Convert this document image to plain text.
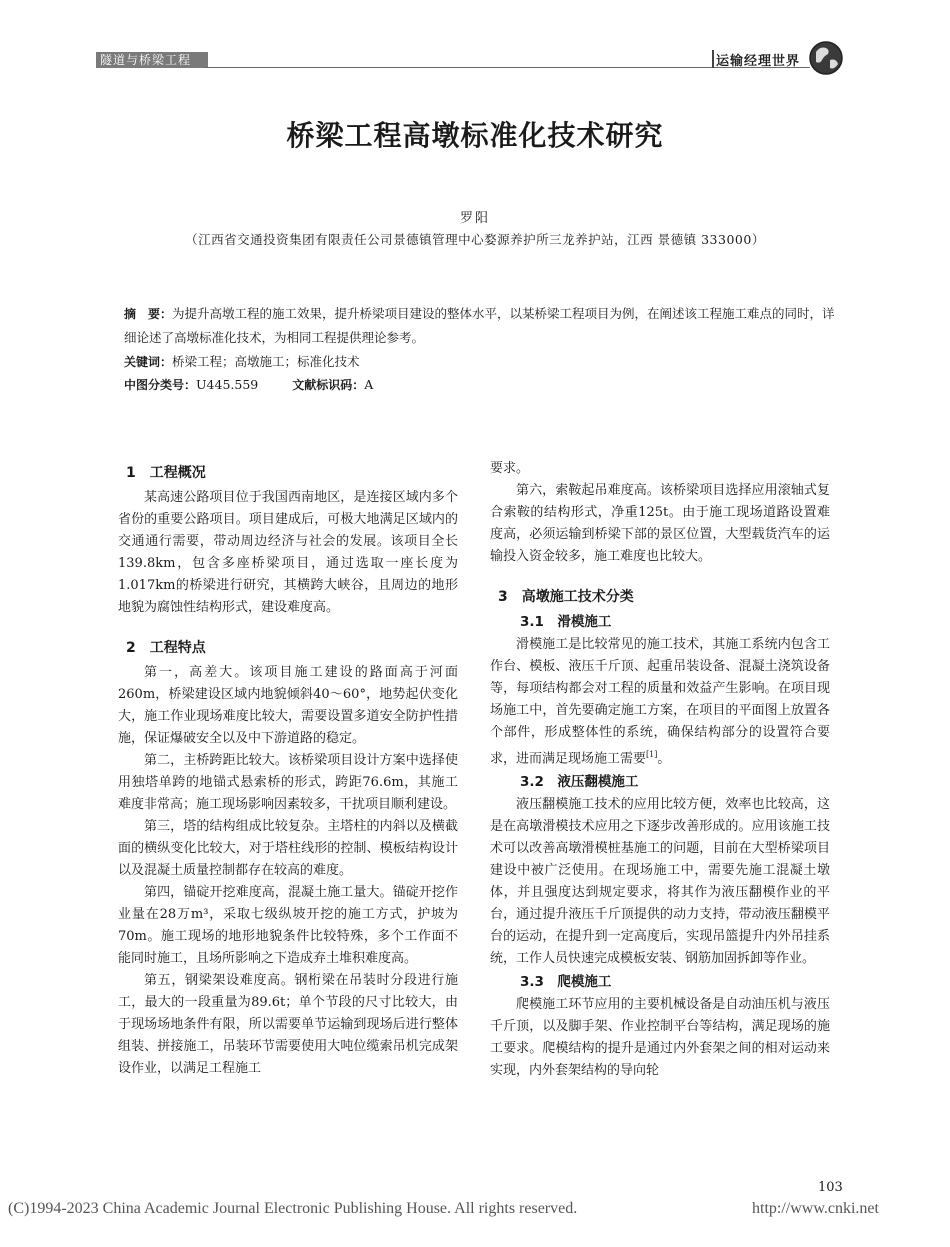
隧道与桥梁工程	运输经理世界
桥梁工程高墩标准化技术研究
罗阳
（江西省交通投资集团有限责任公司景德镇管理中心婺源养护所三龙养护站，江西 景德镇 333000）
摘　要：为提升高墩工程的施工效果，提升桥梁项目建设的整体水平，以某桥梁工程项目为例，在阐述该工程施工难点的同时，详细论述了高墩标准化技术，为相同工程提供理论参考。
关键词：桥梁工程；高墩施工；标准化技术
中图分类号：U445.559	文献标识码：A
1　工程概况

某高速公路项目位于我国西南地区，是连接区域内多个省份的重要公路项目。项目建成后，可极大地满足区域内的交通通行需要，带动周边经济与社会的发展。该项目全长139.8km，包含多座桥梁项目，通过选取一座长度为1.017km的桥梁进行研究，其横跨大峡谷，且周边的地形地貌为腐蚀性结构形式，建设难度高。

2　工程特点

第一，高差大。该项目施工建设的路面高于河面260m，桥梁建设区域内地貌倾斜40～60°，地势起伏变化大，施工作业现场难度比较大，需要设置多道安全防护性措施，保证爆破安全以及中下游道路的稳定。

第二，主桥跨距比较大。该桥梁项目设计方案中选择使用独塔单跨的地锚式悬索桥的形式，跨距76.6m，其施工难度非常高；施工现场影响因素较多，干扰项目顺利建设。

第三，塔的结构组成比较复杂。主塔柱的内斜以及横截面的横纵变化比较大，对于塔柱线形的控制、模板结构设计以及混凝土质量控制都存在较高的难度。

第四，锚碇开挖难度高，混凝土施工量大。锚碇开挖作业量在28万m³，采取七级纵坡开挖的施工方式，护坡为70m。施工现场的地形地貌条件比较特殊，多个工作面不能同时施工，且场所影响之下造成弃土堆积难度高。

第五，钢梁架设难度高。钢桁梁在吊装时分段进行施工，最大的一段重量为89.6t；单个节段的尺寸比较大，由于现场场地条件有限，所以需要单节运输到现场后进行整体组装、拼接施工，吊装环节需要使用大吨位缆索吊机完成架设作业，以满足工程施工

要求。

第六，索鞍起吊难度高。该桥梁项目选择应用滚轴式复合索鞍的结构形式，净重125t。由于施工现场道路设置难度高，必须运输到桥梁下部的景区位置，大型载货汽车的运输投入资金较多，施工难度也比较大。

3　高墩施工技术分类
3.1　滑模施工

滑模施工是比较常见的施工技术，其施工系统内包含工作台、模板、液压千斤顶、起重吊装设备、混凝土浇筑设备等，每项结构都会对工程的质量和效益产生影响。在项目现场施工中，首先要确定施工方案，在项目的平面图上放置各个部件，形成整体性的系统，确保结构部分的设置符合要求，进而满足现场施工需要[1]。

3.2　液压翻模施工

液压翻模施工技术的应用比较方便，效率也比较高，这是在高墩滑模技术应用之下逐步改善形成的。应用该施工技术可以改善高墩滑模桩基施工的问题，目前在大型桥梁项目建设中被广泛使用。在现场施工中，需要先施工混凝土墩体，并且强度达到规定要求，将其作为液压翻模作业的平台，通过提升液压千斤顶提供的动力支持，带动液压翻模平台的运动，在提升到一定高度后，实现吊篮提升内外吊挂系统，工作人员快速完成模板安装、钢筋加固拆卸等作业。

3.3　爬模施工

爬模施工环节应用的主要机械设备是自动油压机与液压千斤顶，以及脚手架、作业控制平台等结构，满足现场的施工要求。爬模结构的提升是通过内外套架之间的相对运动来实现，内外套架结构的导向轮

103
(C)1994-2023 China Academic Journal Electronic Publishing House. All rights reserved.	http://www.cnki.net
